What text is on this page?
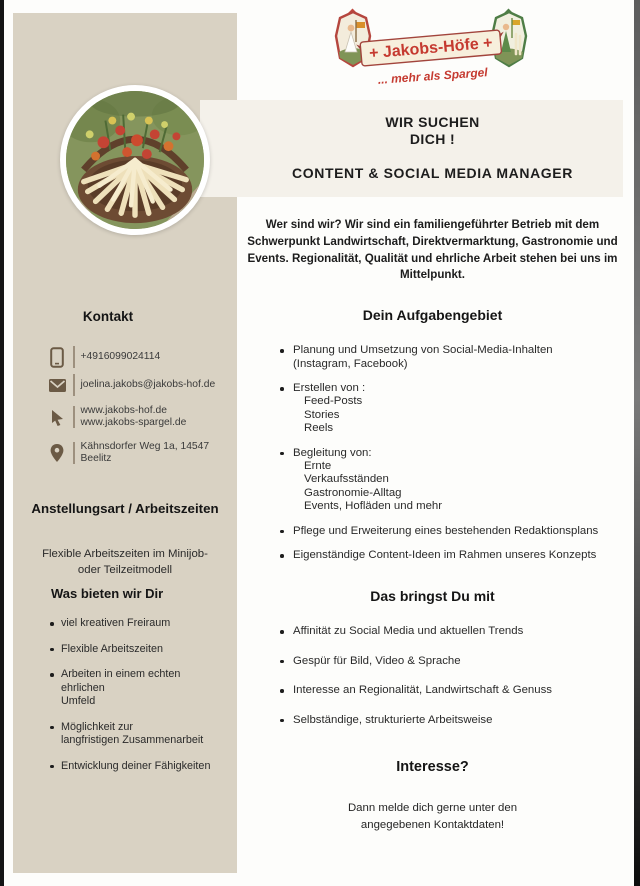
+ Jakobs-Höfe +
... mehr als Spargel
WIR SUCHEN
DICH !
CONTENT & SOCIAL MEDIA MANAGER

Wer sind wir? Wir sind ein familiengeführter Betrieb mit dem Schwerpunkt Landwirtschaft, Direktvermarktung, Gastronomie und Events. Regionalität, Qualität und ehrliche Arbeit stehen bei uns im Mittelpunkt.

Dein Aufgabengebiet
Planung und Umsetzung von Social-Media-Inhalten
(Instagram, Facebook)
Erstellen von :
Feed-Posts
Stories
Reels
Begleitung von:
Ernte
Verkaufsständen
Gastronomie-Alltag
Events, Hofläden und mehr
Pflege und Erweiterung eines bestehenden Redaktionsplans
Eigenständige Content-Ideen im Rahmen unseres Konzepts
Das bringst Du mit
Affinität zu Social Media und aktuellen Trends
Gespür für Bild, Video & Sprache
Interesse an Regionalität, Landwirtschaft & Genuss
Selbständige, strukturierte Arbeitsweise
Interesse?
Dann melde dich gerne unter den
angegebenen Kontaktdaten!
Kontakt
+4916099024114
joelina.jakobs@jakobs-hof.de
www.jakobs-hof.de
www.jakobs-spargel.de
Kähnsdorfer Weg 1a, 14547
Beelitz
Anstellungsart / Arbeitszeiten
Flexible Arbeitszeiten im Minijob-
oder Teilzeitmodell
Was bieten wir Dir
viel kreativen Freiraum
Flexible Arbeitszeiten
Arbeiten in einem echten ehrlichen
Umfeld
Möglichkeit zur
langfristigen Zusammenarbeit
Entwicklung deiner Fähigkeiten
